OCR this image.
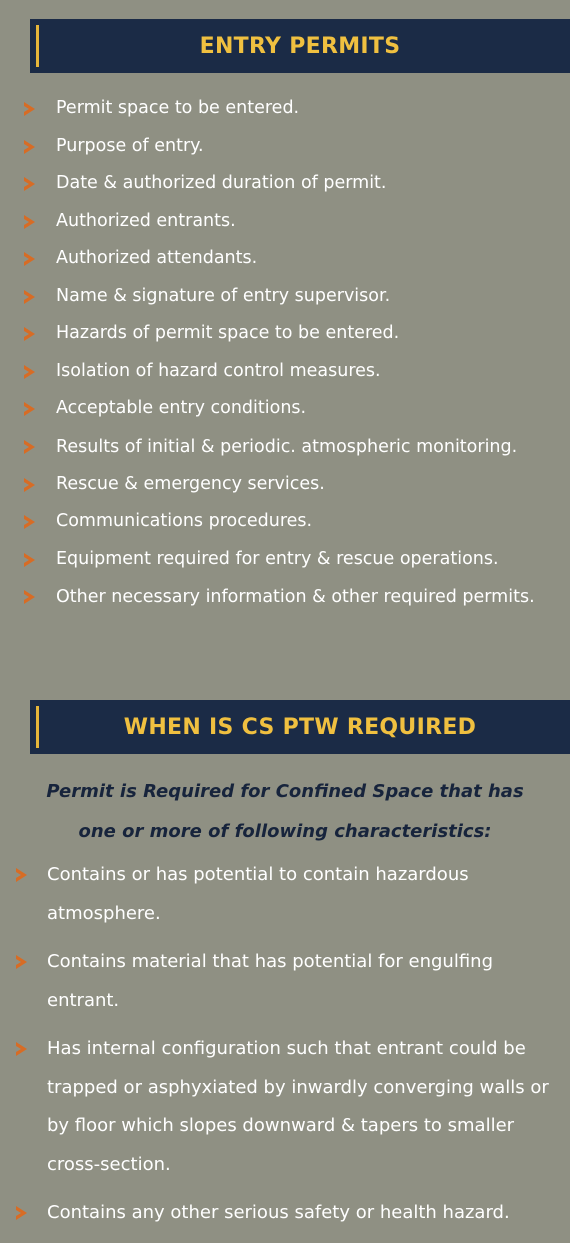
ENTRY PERMITS
Permit space to be entered.
Purpose of entry.
Date & authorized duration of permit.
Authorized entrants.
Authorized attendants.
Name & signature of entry supervisor.
Hazards of permit space to be entered.
Isolation of hazard control measures.
Acceptable entry conditions.
Results of initial & periodic. atmospheric monitoring.
Rescue & emergency services.
Communications procedures.
Equipment required for entry & rescue operations.
Other necessary information & other required permits.
WHEN IS CS PTW REQUIRED
Permit is Required for Confined Space that has
one or more of following characteristics:
Contains or has potential to contain hazardous atmosphere.
Contains material that has potential for engulfing entrant.
Has internal configuration such that entrant could be trapped or asphyxiated by inwardly converging walls or by floor which slopes downward & tapers to smaller cross-section.
Contains any other serious safety or health hazard.
